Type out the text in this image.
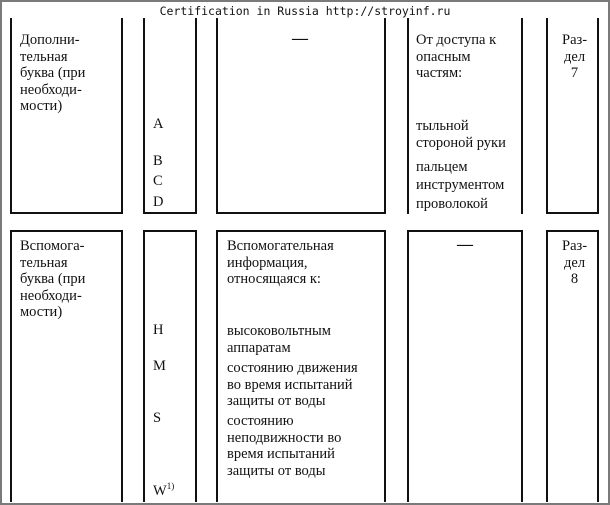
Certification in Russia http://stroyinf.ru
Дополни-
тельная
буква (при
необходи-
мости)
A
B
C
D
—	От доступа к
опасным
частям:
тыльной стороной руки
пальцем
инструментом
проволокой
Раз-
дел
7
Вспомога-
тельная
буква (при
необходи-
мости)
H
M
S
$W^{1)}$
Вспомогательная
информация,
относящаяся к:
высоковольтным
аппаратам
состоянию движения
во время испытаний
защиты от воды
состоянию
неподвижности во
время испытаний
защиты от воды
—	Раз-
дел
8
